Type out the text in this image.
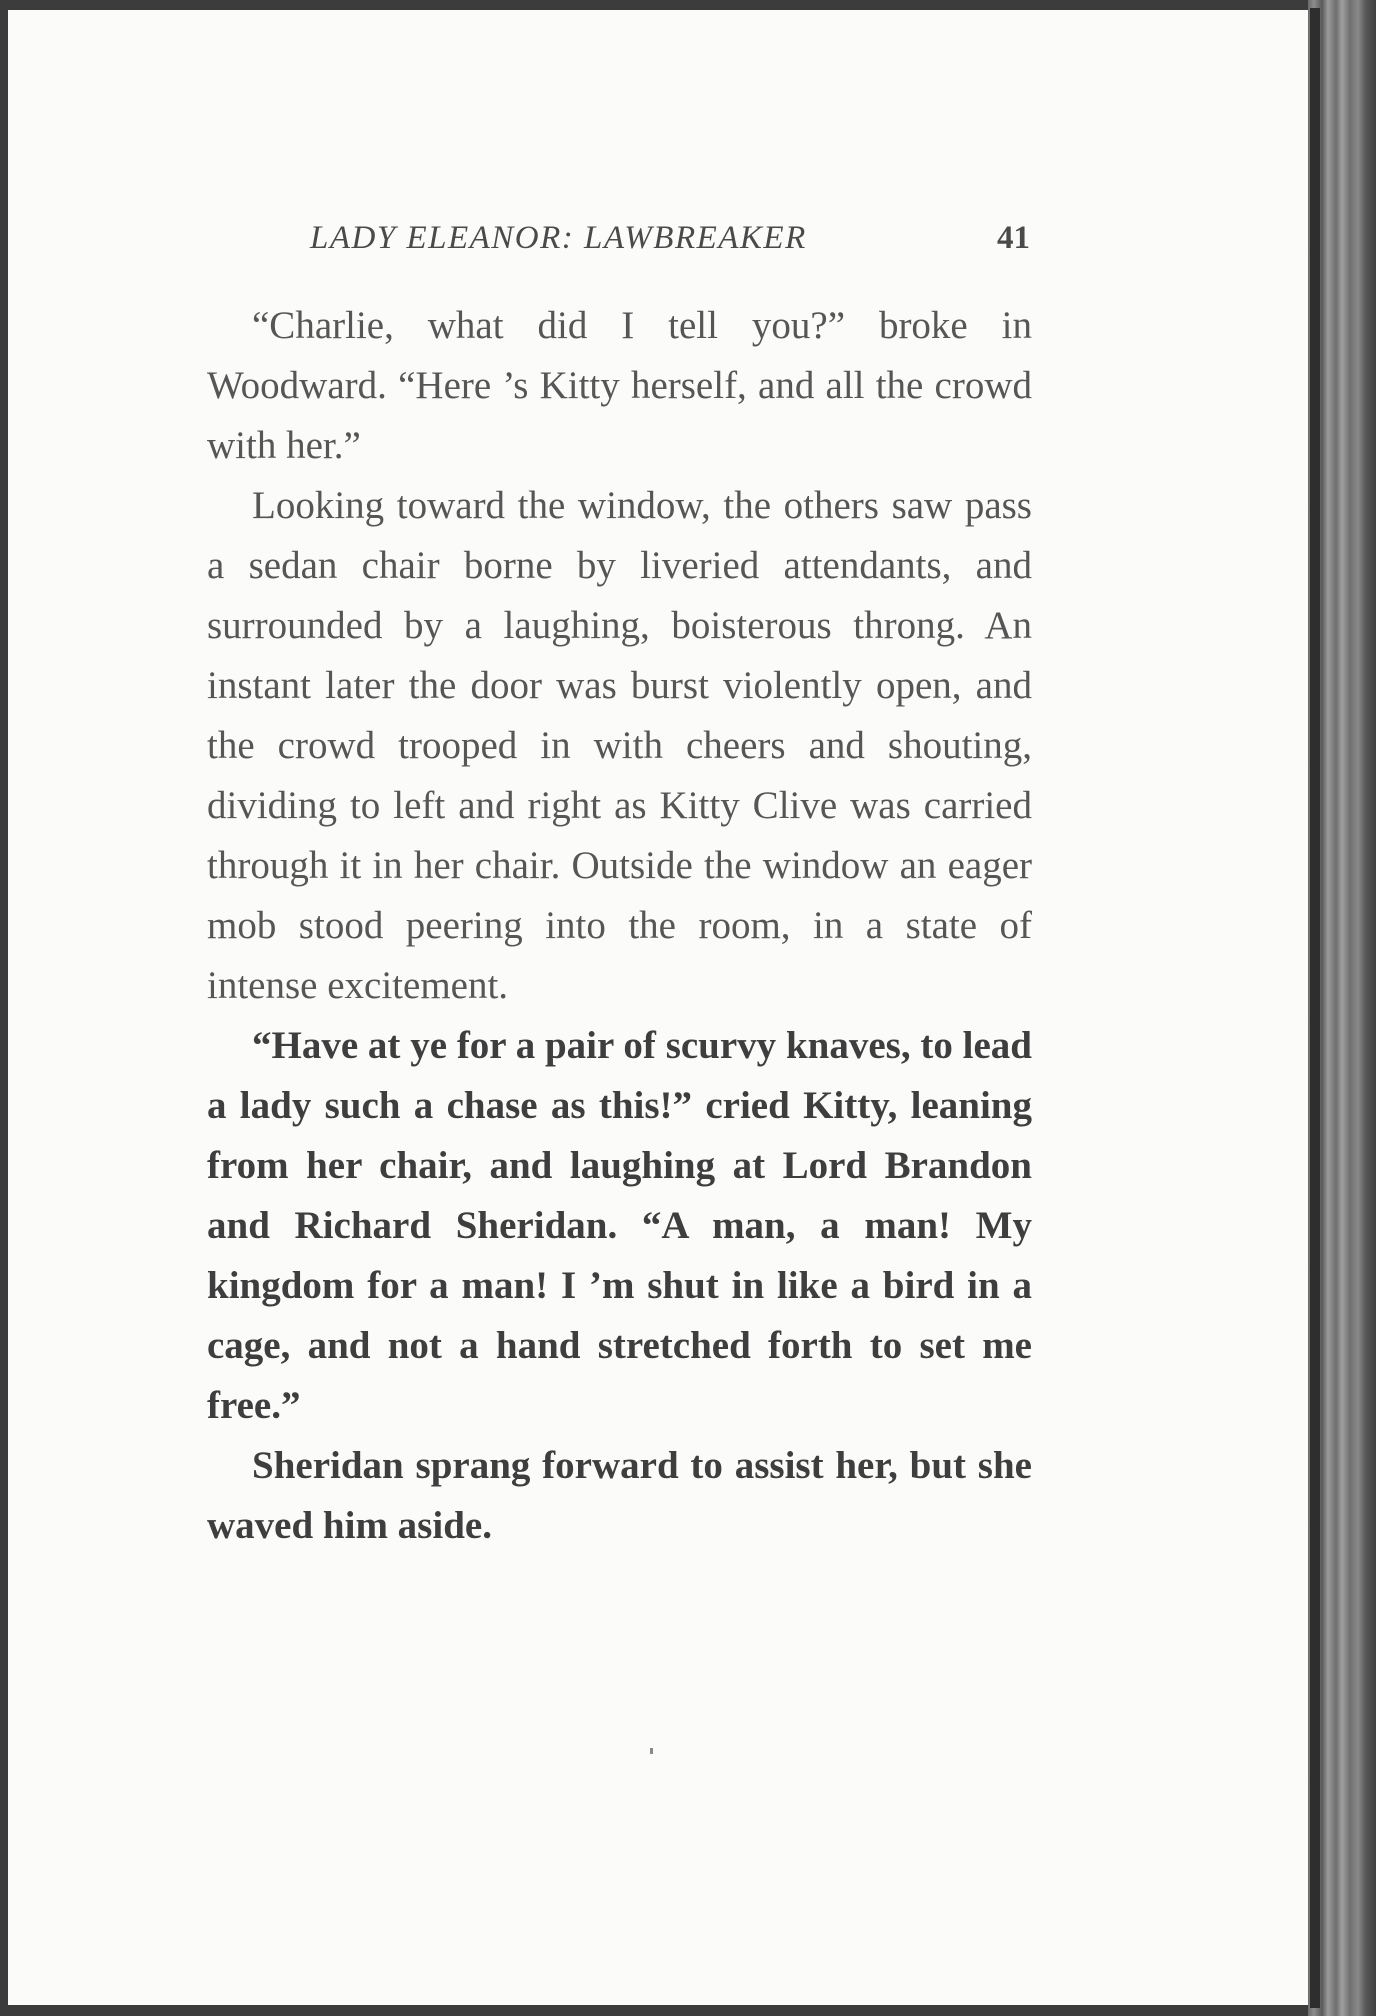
LADY ELEANOR: LAWBREAKER	41

“Charlie, what did I tell you?” broke in Woodward. “Here ’s Kitty herself, and all the crowd with her.”

Looking toward the window, the others saw pass a sedan chair borne by liveried attendants, and surrounded by a laughing, boisterous throng. An instant later the door was burst violently open, and the crowd trooped in with cheers and shouting, dividing to left and right as Kitty Clive was carried through it in her chair. Outside the window an eager mob stood peering into the room, in a state of intense excitement.

“Have at ye for a pair of scurvy knaves, to lead a lady such a chase as this!” cried Kitty, leaning from her chair, and laughing at Lord Brandon and Richard Sheridan. “A man, a man! My kingdom for a man! I ’m shut in like a bird in a cage, and not a hand stretched forth to set me free.”

Sheridan sprang forward to assist her, but she waved him aside.
